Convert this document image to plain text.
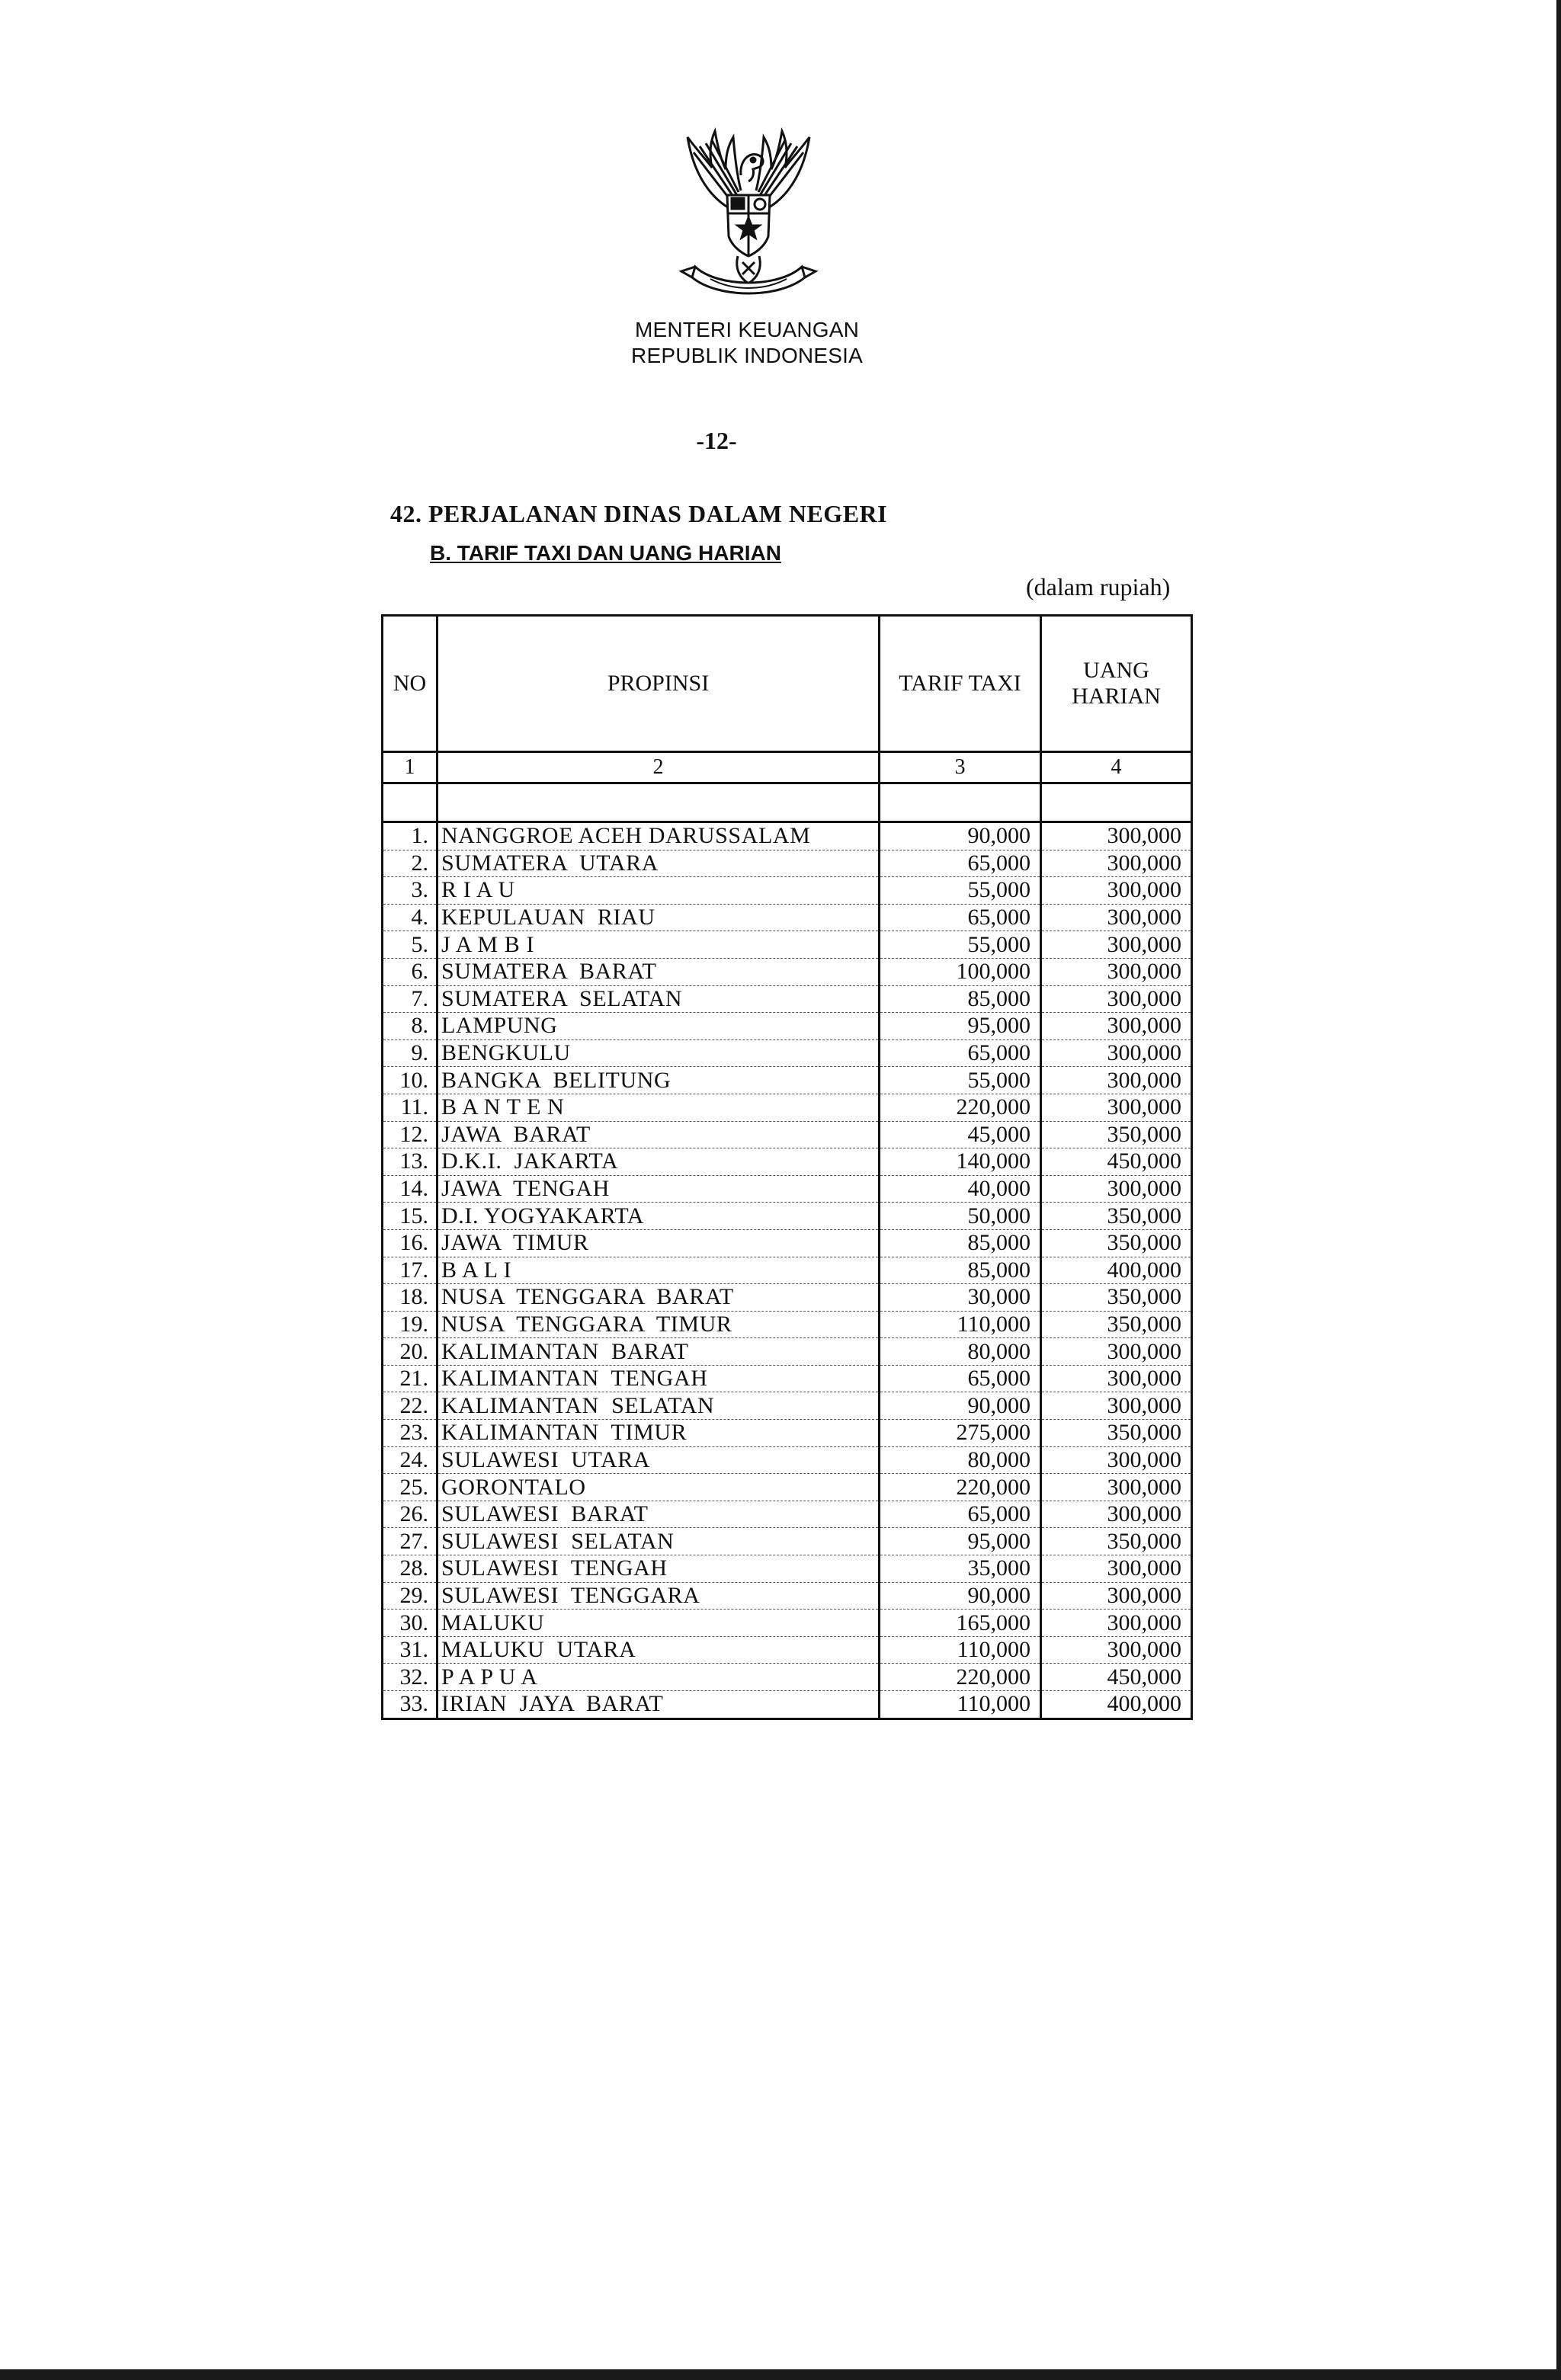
MENTERI KEUANGAN
REPUBLIK INDONESIA
-12-
42. PERJALANAN DINAS DALAM NEGERI
B. TARIF TAXI DAN UANG HARIAN
(dalam rupiah)
NO	PROPINSI	TARIF TAXI	UANG
HARIAN

1	2	3	4

1.	NANGGROE ACEH DARUSSALAM	90,000	300,000
2.	SUMATERA  UTARA	65,000	300,000
3.	R I A U	55,000	300,000
4.	KEPULAUAN  RIAU	65,000	300,000
5.	J A M B I	55,000	300,000
6.	SUMATERA  BARAT	100,000	300,000
7.	SUMATERA  SELATAN	85,000	300,000
8.	LAMPUNG	95,000	300,000
9.	BENGKULU	65,000	300,000
10.	BANGKA  BELITUNG	55,000	300,000
11.	B A N T E N	220,000	300,000
12.	JAWA  BARAT	45,000	350,000
13.	D.K.I.  JAKARTA	140,000	450,000
14.	JAWA  TENGAH	40,000	300,000
15.	D.I. YOGYAKARTA	50,000	350,000
16.	JAWA  TIMUR	85,000	350,000
17.	B A L I	85,000	400,000
18.	NUSA  TENGGARA  BARAT	30,000	350,000
19.	NUSA  TENGGARA  TIMUR	110,000	350,000
20.	KALIMANTAN  BARAT	80,000	300,000
21.	KALIMANTAN  TENGAH	65,000	300,000
22.	KALIMANTAN  SELATAN	90,000	300,000
23.	KALIMANTAN  TIMUR	275,000	350,000
24.	SULAWESI  UTARA	80,000	300,000
25.	GORONTALO	220,000	300,000
26.	SULAWESI  BARAT	65,000	300,000
27.	SULAWESI  SELATAN	95,000	350,000
28.	SULAWESI  TENGAH	35,000	300,000
29.	SULAWESI  TENGGARA	90,000	300,000
30.	MALUKU	165,000	300,000
31.	MALUKU  UTARA	110,000	300,000
32.	P A P U A	220,000	450,000
33.	IRIAN  JAYA  BARAT	110,000	400,000
